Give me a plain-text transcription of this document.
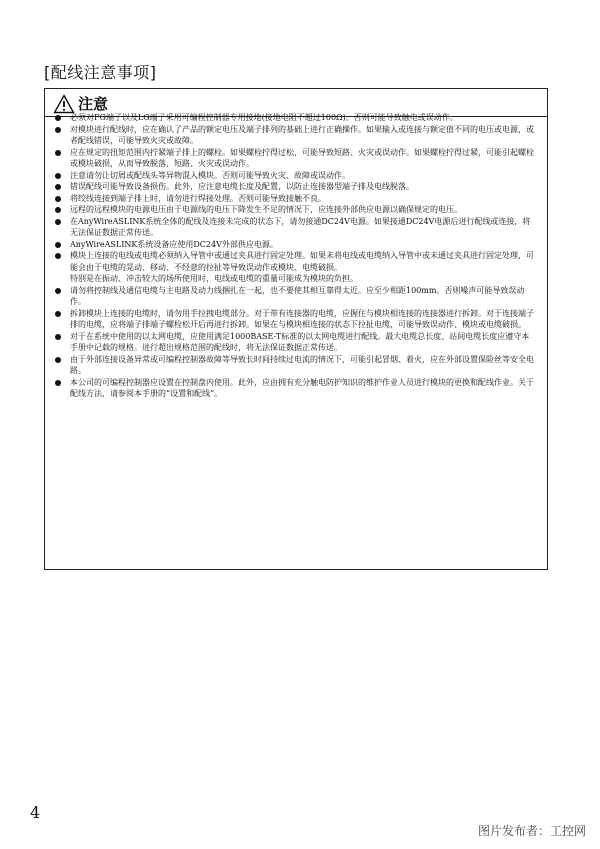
[配线注意事项]
注意
必须对FG端子以及LG端子采用可编程控制器专用接地(接地电阻不超过100Ω)。否则可能导致触电或误动作。
对模块进行配线时，应在确认了产品的额定电压及端子排列的基础上进行正确操作。如果输入或连接与额定值不同的电压或电源，或者配线错误，可能导致火灾或故障。
应在规定的扭矩范围内拧紧端子排上的螺栓。如果螺栓拧得过松，可能导致短路、火灾或误动作。如果螺栓拧得过紧，可能引起螺栓或模块破损，从而导致脱落、短路、火灾或误动作。
注意请勿让切屑或配线头等异物混入模块。否则可能导致火灾、故障或误动作。
错误配线可能导致设备损伤。此外，应注意电缆长度及配置，以防止连接器型端子排及电线脱落。
将绞线连接到端子排上时，请勿进行焊接处理。否则可能导致接触不良。
远程的远程模块的电源电压由于电源线的电压下降发生不足的情况下，应连接外部供应电源以确保规定的电压。
在AnyWireASLINK系统全体的配线及连接未完成的状态下，请勿接通DC24V电源。如果接通DC24V电源后进行配线或连接，将无法保证数据正常传送。
AnyWireASLINK系统设备应使用DC24V外部供应电源。
模块上连接的电线或电缆必须纳入导管中或通过夹具进行固定处理。如果未将电线或电缆纳入导管中或未通过夹具进行固定处理，可能会由于电缆的晃动、移动、不经意的拉扯等导致误动作或模块、电缆破损。
特别是在振动、冲击较大的场所使用时，电线或电缆的重量可能成为模块的负担。
请勿将控制线及通信电缆与主电路及动力线捆扎在一起，也不要使其相互靠得太近。应至少相距100mm。否则噪声可能导致误动作。
拆卸模块上连接的电缆时，请勿用手拉拽电缆部分。对于带有连接器的电缆，应握住与模块相连接的连接器进行拆卸。对于连接端子排的电缆，应将端子排端子螺栓松开后再进行拆卸。如果在与模块相连接的状态下拉扯电缆，可能导致误动作、模块或电缆破损。
对于在系统中使用的以太网电缆，应使用满足1000BASE-T标准的以太网电缆进行配线。最大电缆总长度、站间电缆长度应遵守本手册中记载的规格。进行超出规格范围的配线时，将无法保证数据正常传送。
由于外部连接设备异常或可编程控制器故障等导致长时间持续过电流的情况下，可能引起冒烟、着火，应在外部设置保险丝等安全电路。
本公司的可编程控制器应设置在控制盘内使用。此外，应由拥有充分触电防护知识的维护作业人员进行模块的更换和配线作业。关于配线方法，请参阅本手册的“设置和配线”。
4
图片发布者：工控网
